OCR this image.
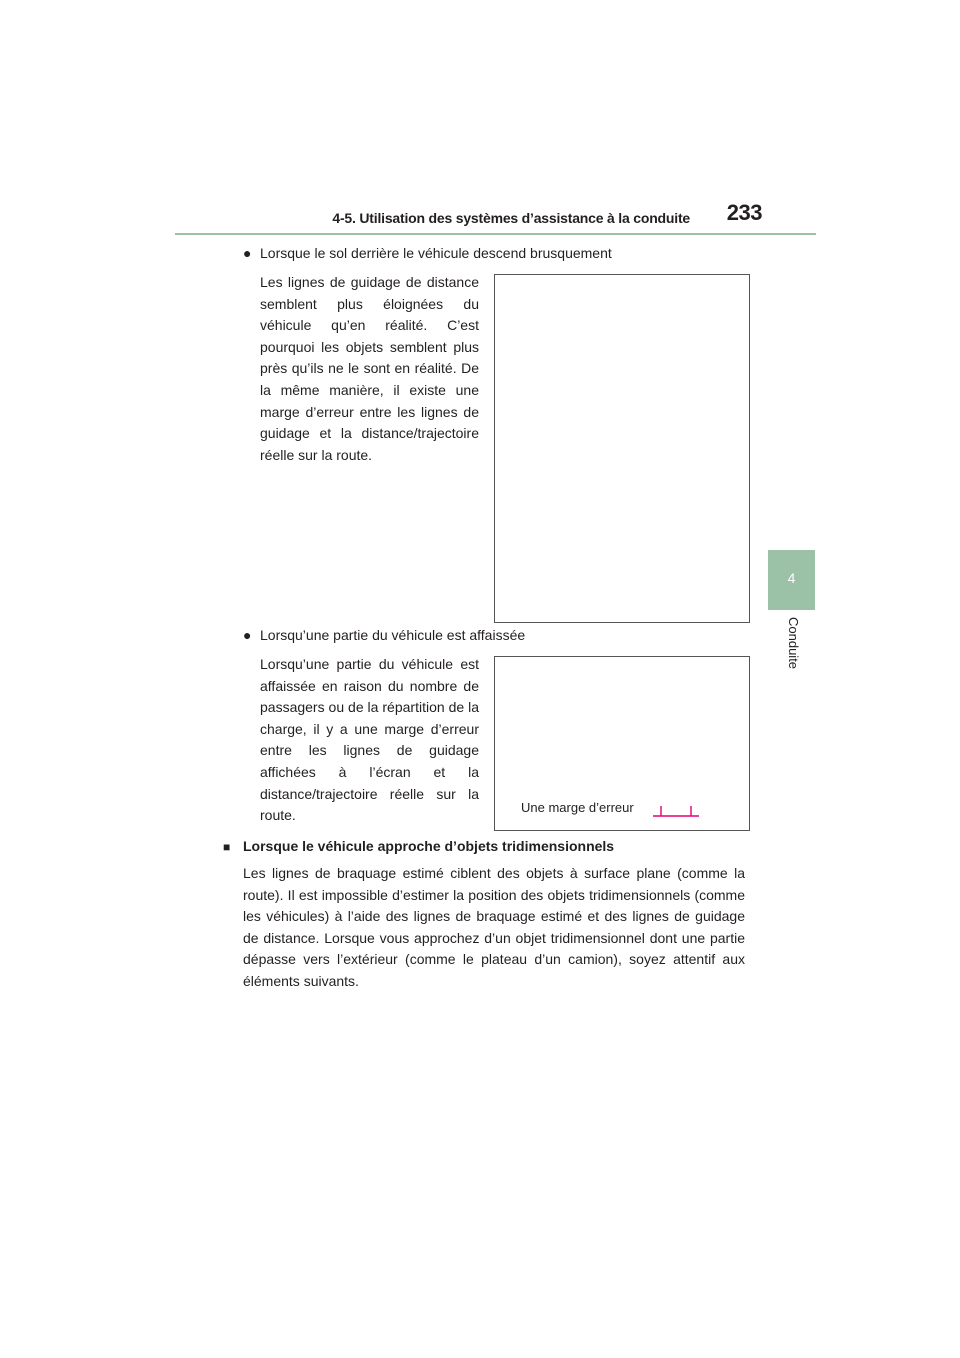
4-5. Utilisation des systèmes d’assistance à la conduite	233
4
Conduite
● Lorsque le sol derrière le véhicule descend brusquement
Les lignes de guidage de distance semblent plus éloignées du véhicule qu’en réalité. C’est pourquoi les objets semblent plus près qu’ils ne le sont en réalité. De la même manière, il existe une marge d’erreur entre les lignes de guidage et la distance/trajectoire réelle sur la route.
● Lorsqu’une partie du véhicule est affaissée
Lorsqu’une partie du véhicule est affaissée en raison du nombre de passagers ou de la répartition de la charge, il y a une marge d’erreur entre les lignes de guidage affichées à l’écran et la distance/trajectoire réelle sur la route.	Une marge d’erreur
■ Lorsque le véhicule approche d’objets tridimensionnels
Les lignes de braquage estimé ciblent des objets à surface plane (comme la route). Il est impossible d’estimer la position des objets tridimensionnels (comme les véhicules) à l’aide des lignes de braquage estimé et des lignes de guidage de distance. Lorsque vous approchez d’un objet tridimensionnel dont une partie dépasse vers l’extérieur (comme le plateau d’un camion), soyez attentif aux éléments suivants.
